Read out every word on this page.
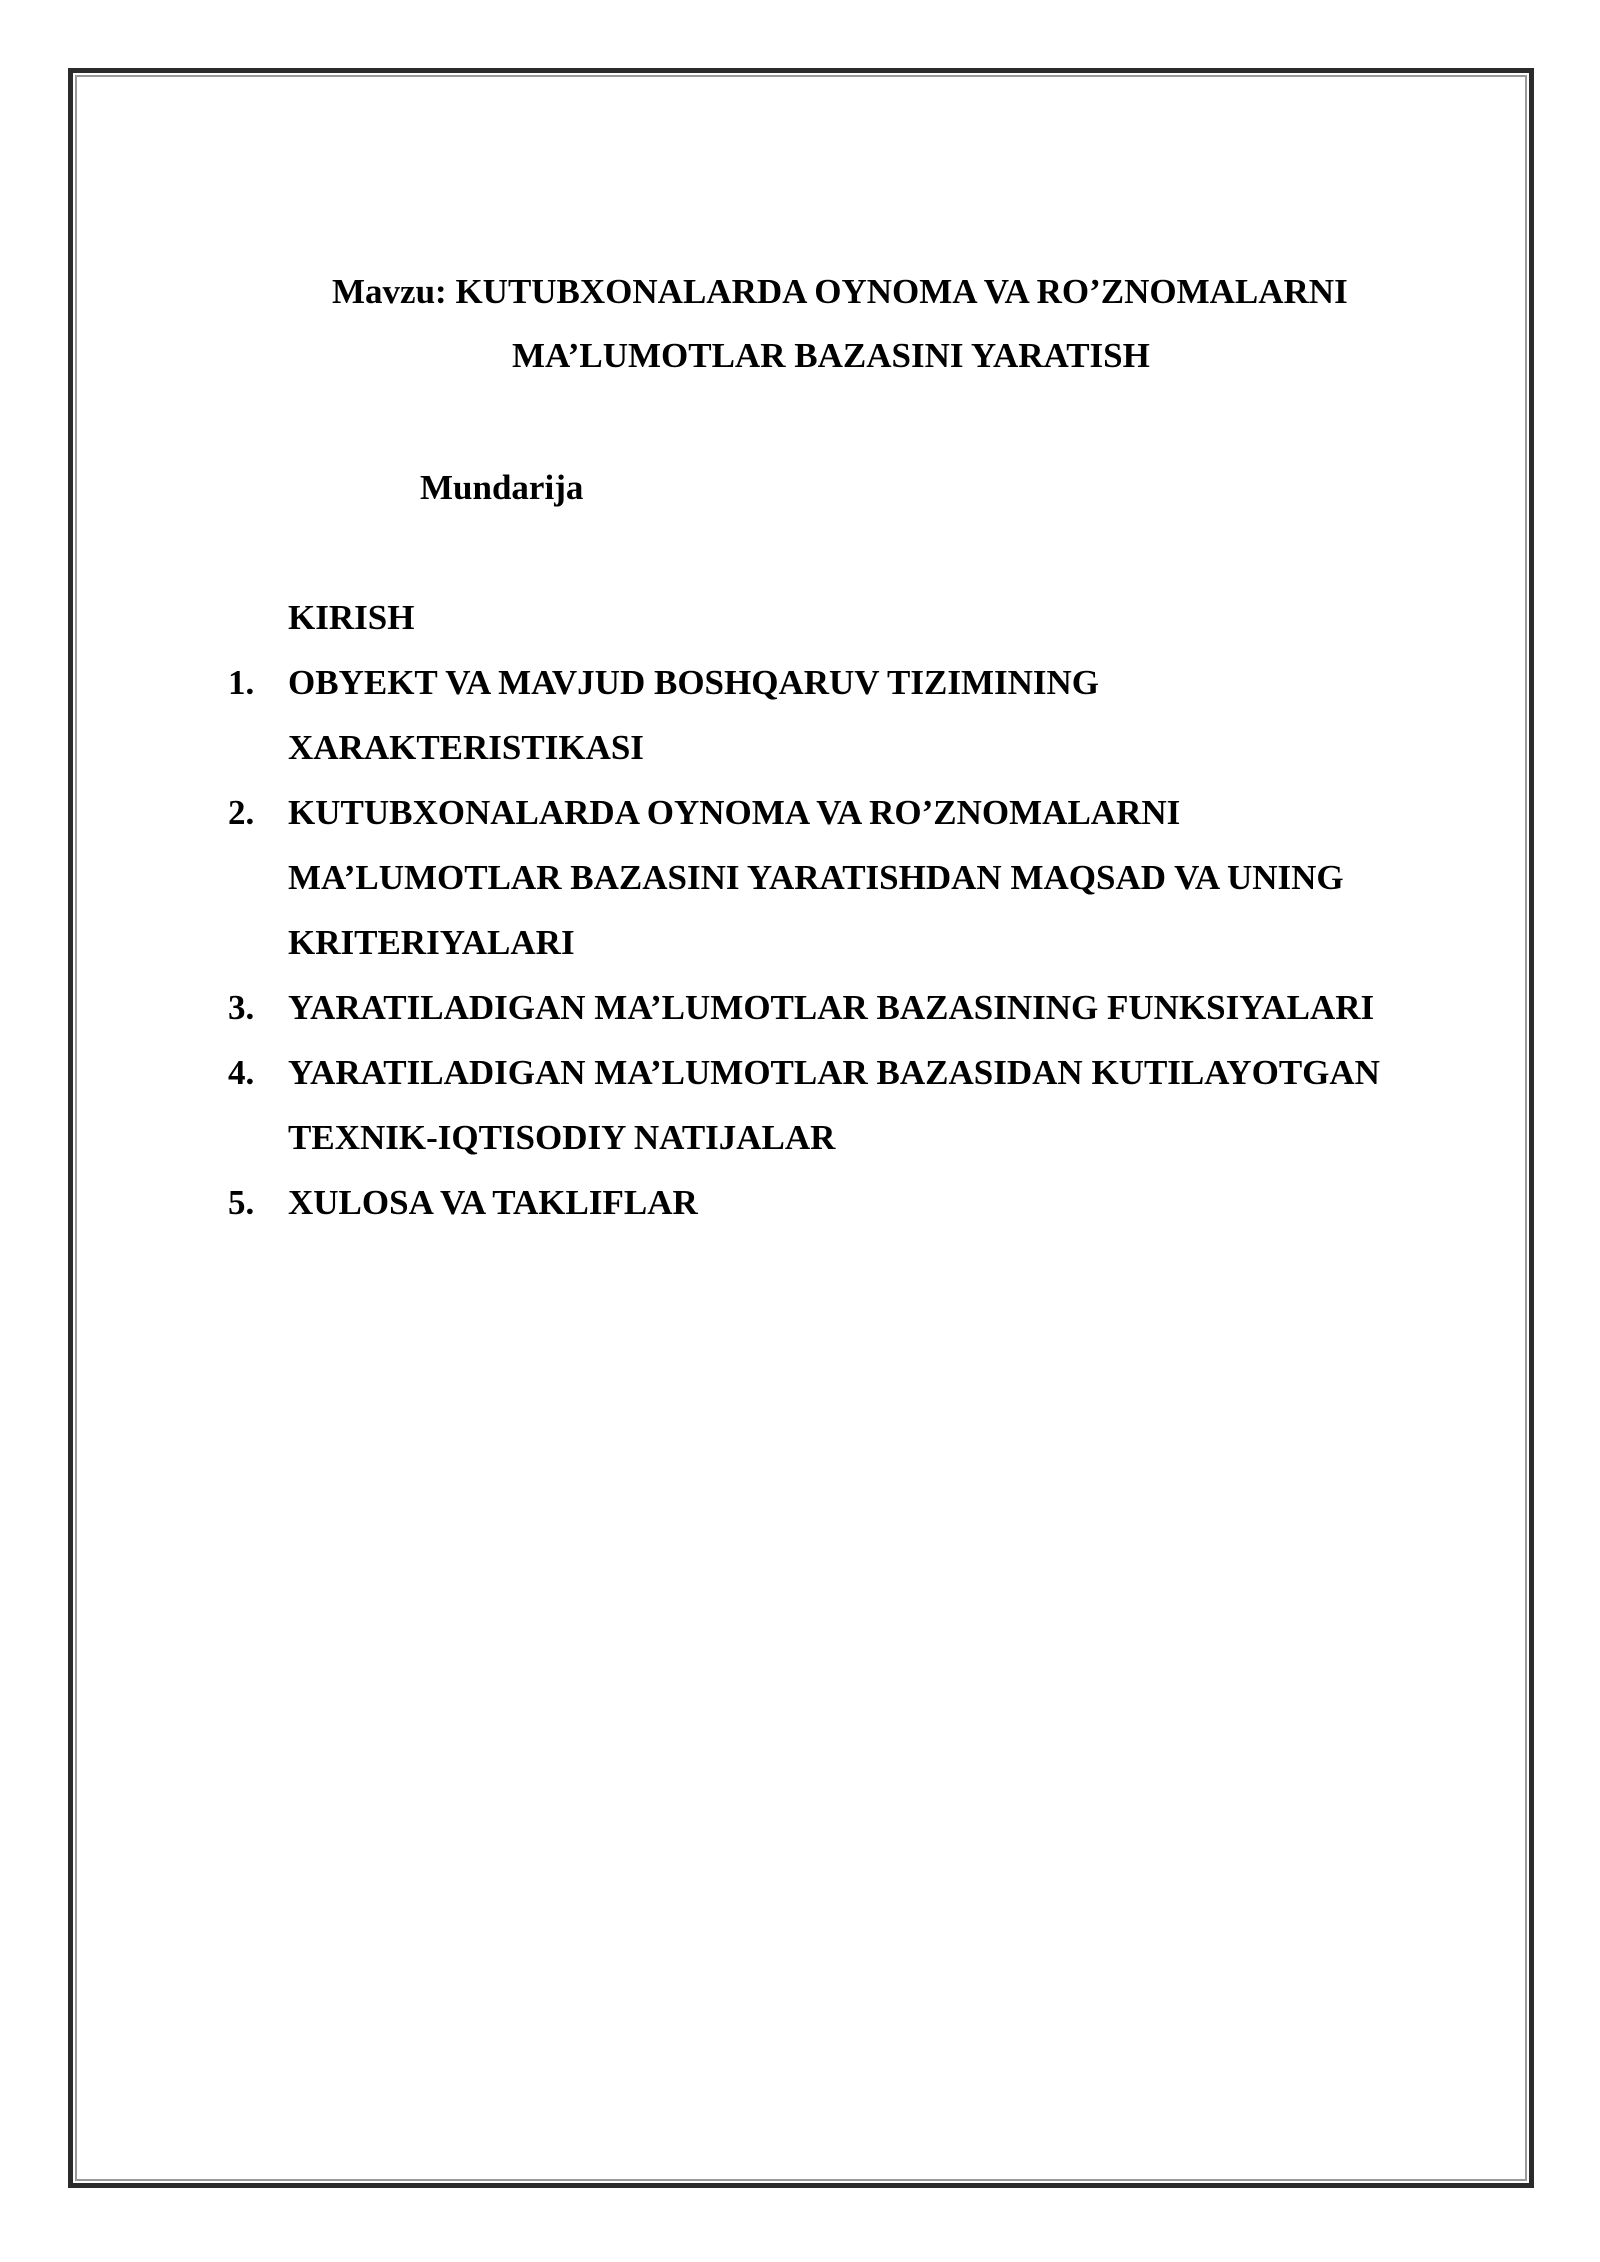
Mavzu: KUTUBXONALARDA OYNOMA VA RO’ZNOMALARNI
MA’LUMOTLAR BAZASINI YARATISH
Mundarija
KIRISH
1. OBYEKT VA MAVJUD BOSHQARUV TIZIMINING
XARAKTERISTIKASI
2. KUTUBXONALARDA OYNOMA VA RO’ZNOMALARNI
MA’LUMOTLAR BAZASINI YARATISHDAN MAQSAD VA UNING
KRITERIYALARI
3. YARATILADIGAN MA’LUMOTLAR BAZASINING FUNKSIYALARI
4. YARATILADIGAN MA’LUMOTLAR BAZASIDAN KUTILAYOTGAN
TEXNIK-IQTISODIY NATIJALAR
5. XULOSA VA TAKLIFLAR
